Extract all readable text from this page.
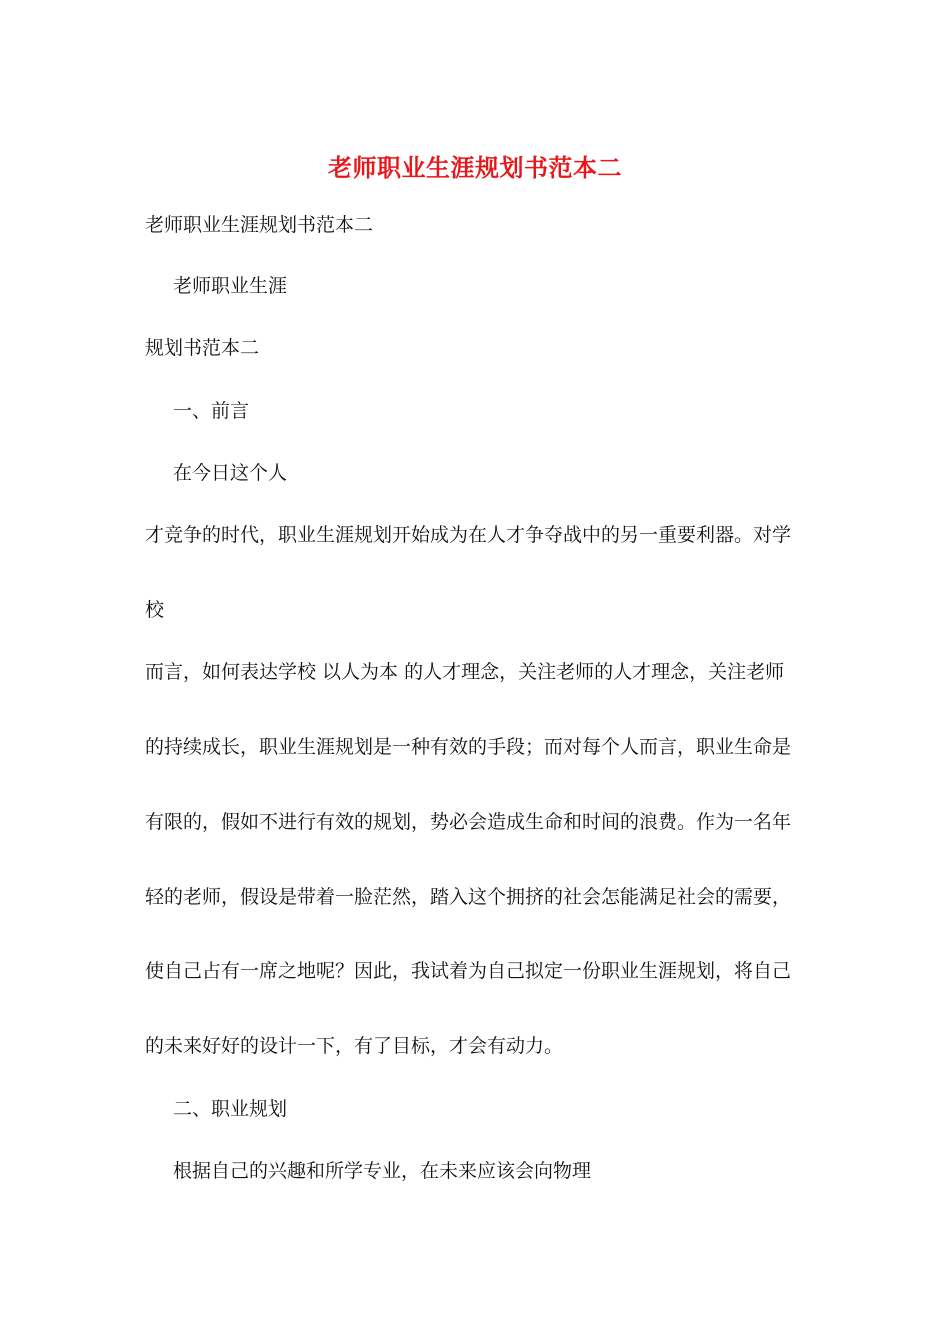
老师职业生涯规划书范本二
老师职业生涯规划书范本二
老师职业生涯
规划书范本二
一、前言
在今日这个人
才竞争的时代，职业生涯规划开始成为在人才争夺战中的另一重要利器。对学
校
而言，如何表达学校 以人为本 的人才理念，关注老师的人才理念，关注老师
的持续成长，职业生涯规划是一种有效的手段；而对每个人而言，职业生命是
有限的，假如不进行有效的规划，势必会造成生命和时间的浪费。作为一名年
轻的老师，假设是带着一脸茫然，踏入这个拥挤的社会怎能满足社会的需要，
使自己占有一席之地呢？因此，我试着为自己拟定一份职业生涯规划，将自己
的未来好好的设计一下，有了目标，才会有动力。
二、职业规划
根据自己的兴趣和所学专业，在未来应该会向物理
